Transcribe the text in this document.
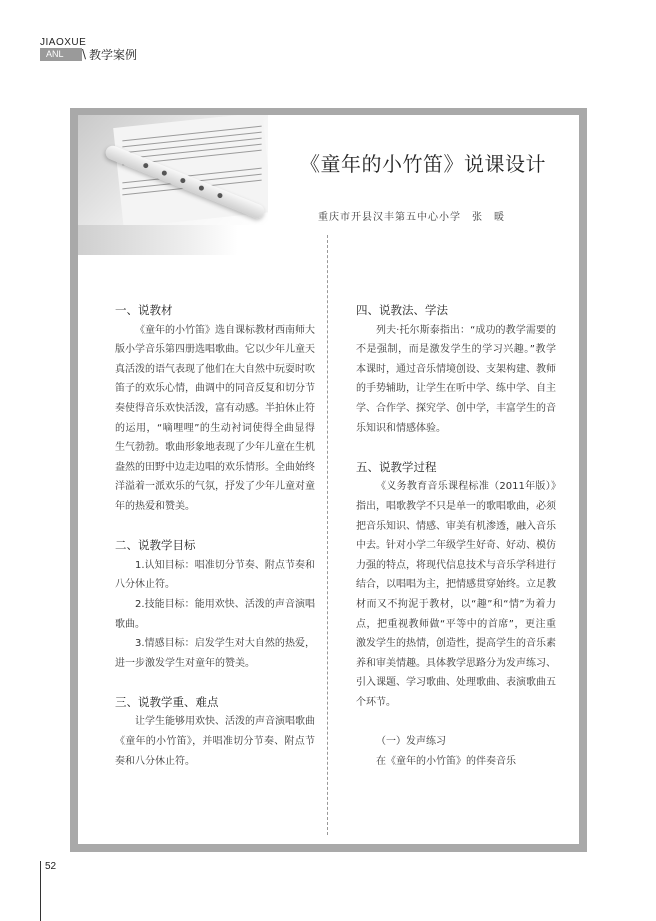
JIAOXUE
ANL	\ 教学案例
《童年的小竹笛》说课设计
重庆市开县汉丰第五中心小学　张　暖
一、说教材

《童年的小竹笛》选自课标教材西南师大版小学音乐第四册选唱歌曲。它以少年儿童天真活泼的语气表现了他们在大自然中玩耍时吹笛子的欢乐心情，曲调中的同音反复和切分节奏使得音乐欢快活泼，富有动感。半拍休止符的运用，“嘀哩哩”的生动衬词使得全曲显得生气勃勃。歌曲形象地表现了少年儿童在生机盎然的田野中边走边唱的欢乐情形。全曲始终洋溢着一派欢乐的气氛，抒发了少年儿童对童年的热爱和赞美。

二、说教学目标

1.认知目标：唱准切分节奏、附点节奏和八分休止符。

2.技能目标：能用欢快、活泼的声音演唱歌曲。

3.情感目标：启发学生对大自然的热爱，进一步激发学生对童年的赞美。

三、说教学重、难点

让学生能够用欢快、活泼的声音演唱歌曲《童年的小竹笛》，并唱准切分节奏、附点节奏和八分休止符。

四、说教法、学法

列夫·托尔斯泰指出：“成功的教学需要的不是强制，而是激发学生的学习兴趣。”教学本课时，通过音乐情境创设、支架构建、教师的手势辅助，让学生在听中学、练中学、自主学、合作学、探究学、创中学，丰富学生的音乐知识和情感体验。

五、说教学过程

《义务教育音乐课程标准（2011年版）》指出，唱歌教学不只是单一的歌唱歌曲，必须把音乐知识、情感、审美有机渗透，融入音乐中去。针对小学二年级学生好奇、好动、模仿力强的特点，将现代信息技术与音乐学科进行结合，以唱唱为主，把情感贯穿始终。立足教材而又不拘泥于教材，以“趣”和“情”为着力点，把重视教师做“平等中的首席”，更注重激发学生的热情，创造性，提高学生的音乐素养和审美情趣。具体教学思路分为发声练习、引入课题、学习歌曲、处理歌曲、表演歌曲五个环节。

（一）发声练习

在《童年的小竹笛》的伴奏音乐

52
